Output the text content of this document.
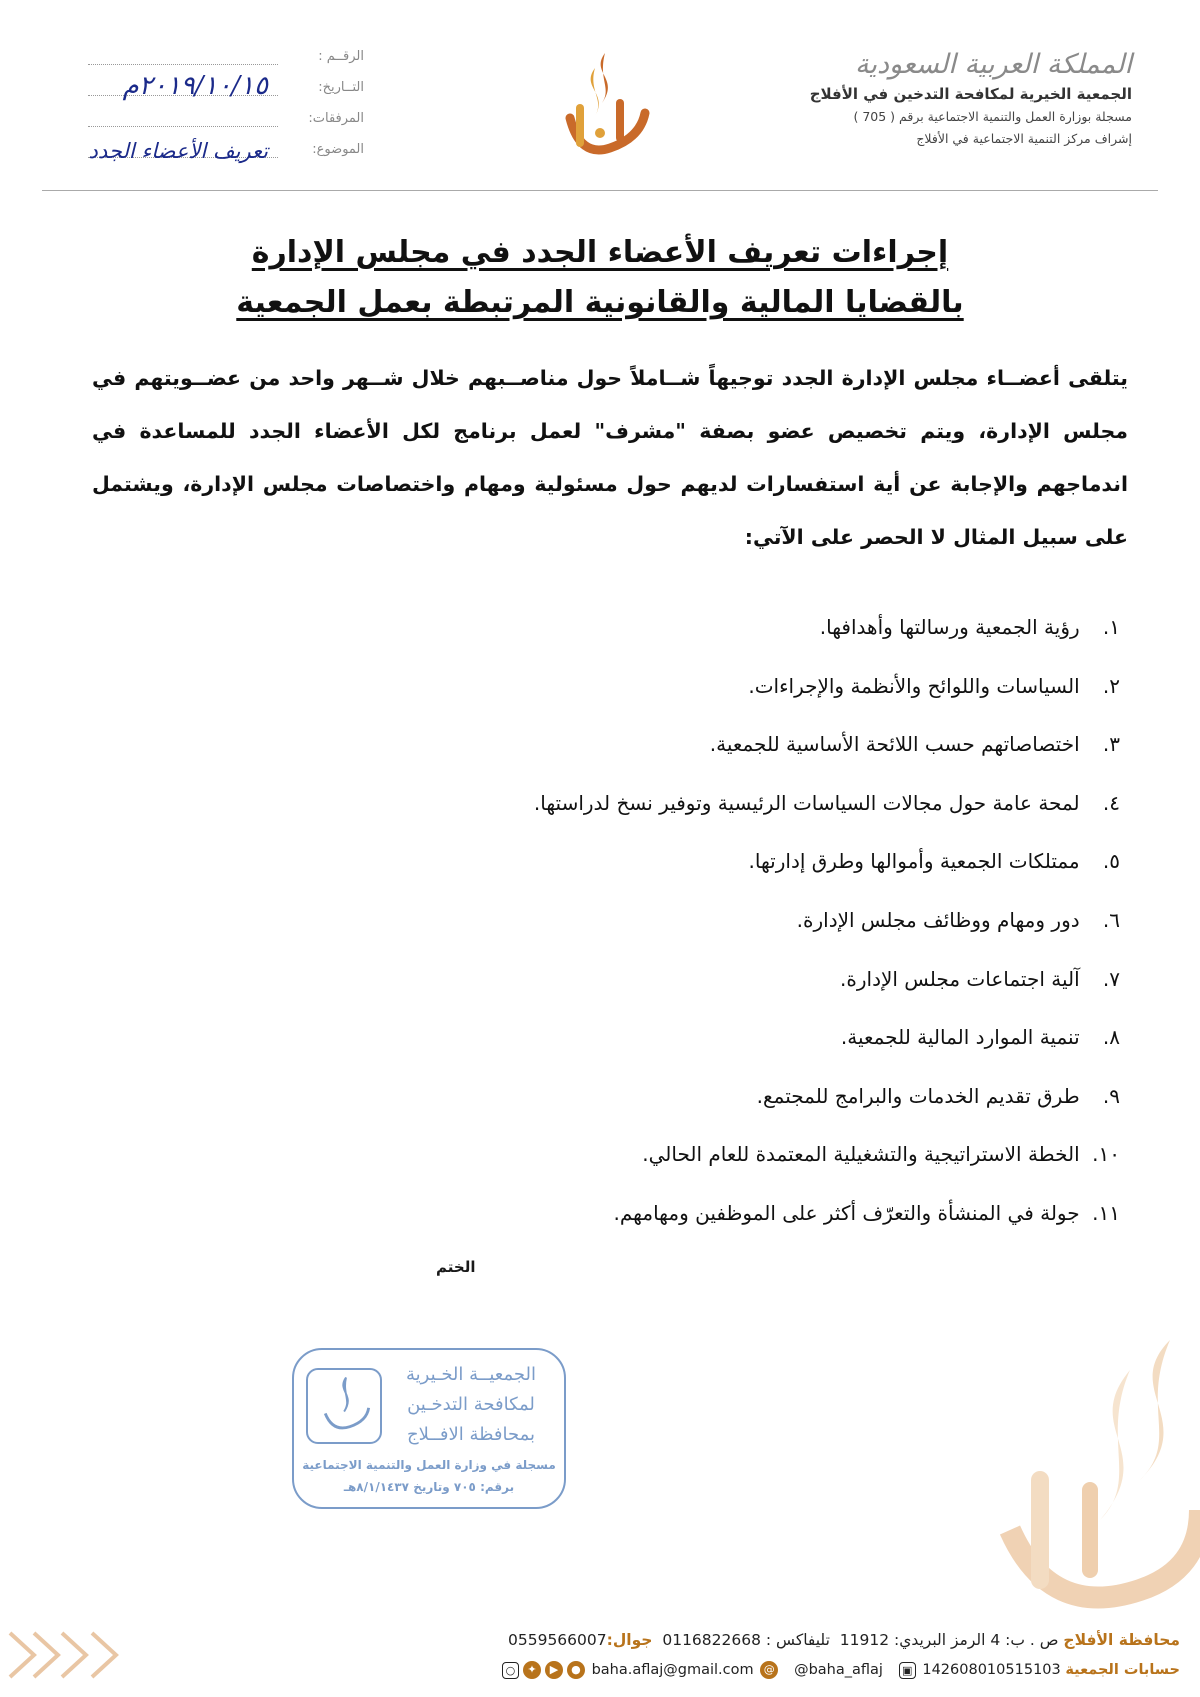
المملكة العربية السعودية
الجمعية الخيرية لمكافحة التدخين في الأفلاج
مسجلة بوزارة العمل والتنمية الاجتماعية برقم ( 705 )
إشراف مركز التنمية الاجتماعية في الأفلاج
الرقــم :
التــاريخ:
٢٠١٩/١٠/١٥م
المرفقات:
الموضوع:
تعريف الأعضاء الجدد
إجراءات تعريف الأعضاء الجدد في مجلس الإدارة
بالقضايا المالية والقانونية المرتبطة بعمل الجمعية
يتلقى أعضــاء مجلس الإدارة الجدد توجيهاً شــاملاً حول مناصــبهم خلال شــهر واحد من عضــويتهم في مجلس الإدارة، ويتم تخصيص عضو بصفة "مشرف" لعمل برنامج لكل الأعضاء الجدد للمساعدة في اندماجهم والإجابة عن أية استفسارات لديهم حول مسئولية ومهام واختصاصات مجلس الإدارة، ويشتمل على سبيل المثال لا الحصر على الآتي:
١. رؤية الجمعية ورسالتها وأهدافها.
٢. السياسات واللوائح والأنظمة والإجراءات.
٣. اختصاصاتهم حسب اللائحة الأساسية للجمعية.
٤. لمحة عامة حول مجالات السياسات الرئيسية وتوفير نسخ لدراستها.
٥. ممتلكات الجمعية وأموالها وطرق إدارتها.
٦. دور ومهام ووظائف مجلس الإدارة.
٧. آلية اجتماعات مجلس الإدارة.
٨. تنمية الموارد المالية للجمعية.
٩. طرق تقديم الخدمات والبرامج للمجتمع.
١٠. الخطة الاستراتيجية والتشغيلية المعتمدة للعام الحالي.
١١. جولة في المنشأة والتعرّف أكثر على الموظفين ومهامهم.
الختم
الجمعيــة الخـيرية
لمكافحة التدخـين
بمحافظة الافــلاج
مسجلة في وزارة العمل والتنمية الاجتماعية
برقم: ٧٠٥ وتاريخ ٨/١/١٤٣٧هـ
محافظة الأفلاج ص . ب: 4 الرمز البريدي: 11912  تليفاكس : 0116822668  جوال:0559566007
حسابات الجمعية 142608010515103 ▣   baha.aflaj@gmail.com @ @baha_aflaj ●▶✦○
